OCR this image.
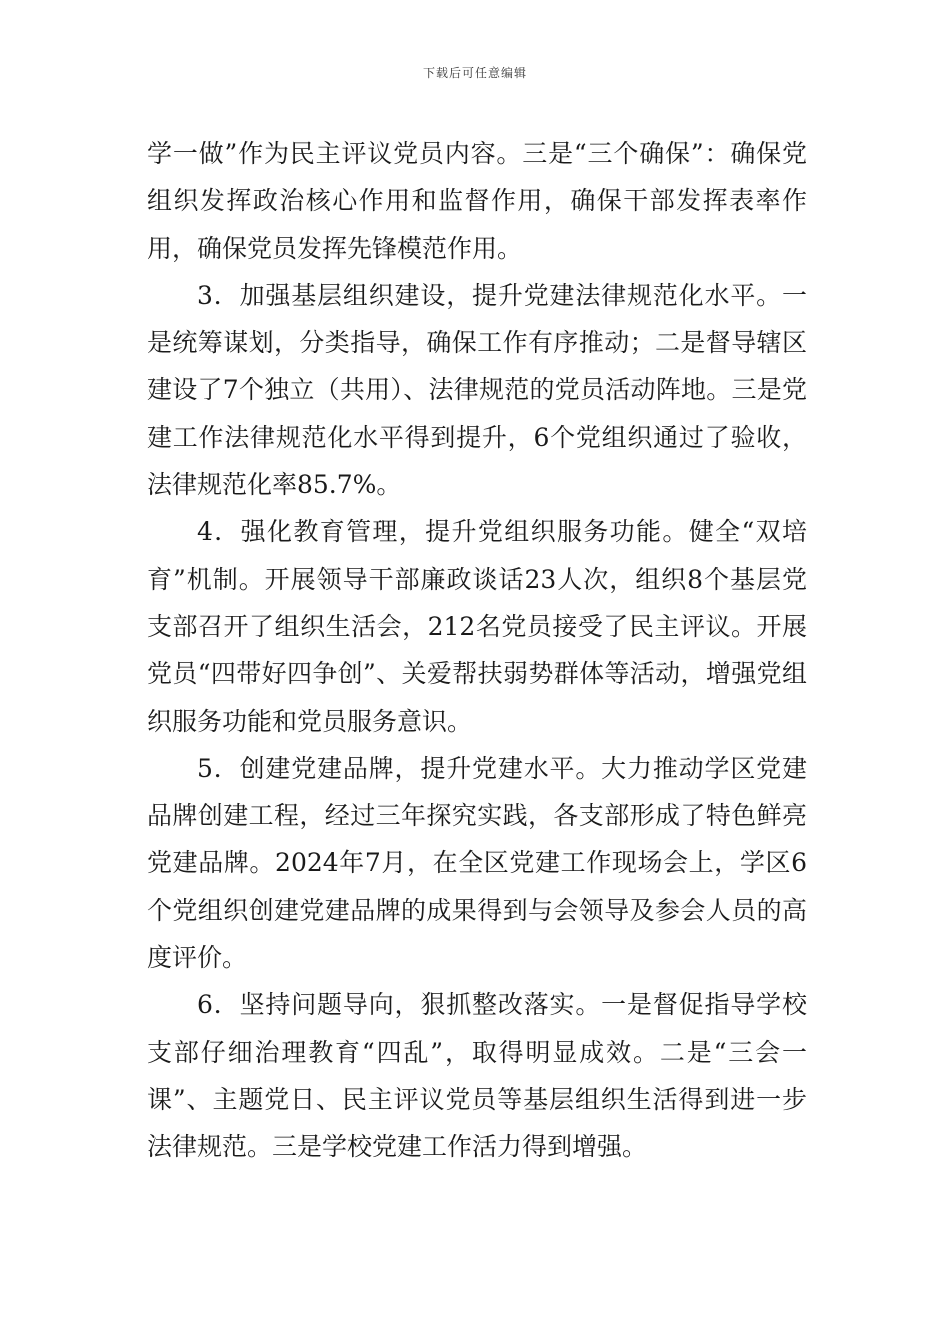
下载后可任意编辑

学一做”作为民主评议党员内容。三是“三个确保”：确保党组织发挥政治核心作用和监督作用，确保干部发挥表率作用，确保党员发挥先锋模范作用。

3．加强基层组织建设，提升党建法律规范化水平。一是统筹谋划，分类指导，确保工作有序推动；二是督导辖区建设了7个独立（共用）、法律规范的党员活动阵地。三是党建工作法律规范化水平得到提升，6个党组织通过了验收，法律规范化率85.7%。

4．强化教育管理，提升党组织服务功能。健全“双培育”机制。开展领导干部廉政谈话23人次，组织8个基层党支部召开了组织生活会，212名党员接受了民主评议。开展党员“四带好四争创”、关爱帮扶弱势群体等活动，增强党组织服务功能和党员服务意识。

5．创建党建品牌，提升党建水平。大力推动学区党建品牌创建工程，经过三年探究实践，各支部形成了特色鲜亮党建品牌。2024年7月，在全区党建工作现场会上，学区6个党组织创建党建品牌的成果得到与会领导及参会人员的高度评价。

6．坚持问题导向，狠抓整改落实。一是督促指导学校支部仔细治理教育“四乱”，取得明显成效。二是“三会一课”、主题党日、民主评议党员等基层组织生活得到进一步法律规范。三是学校党建工作活力得到增强。
